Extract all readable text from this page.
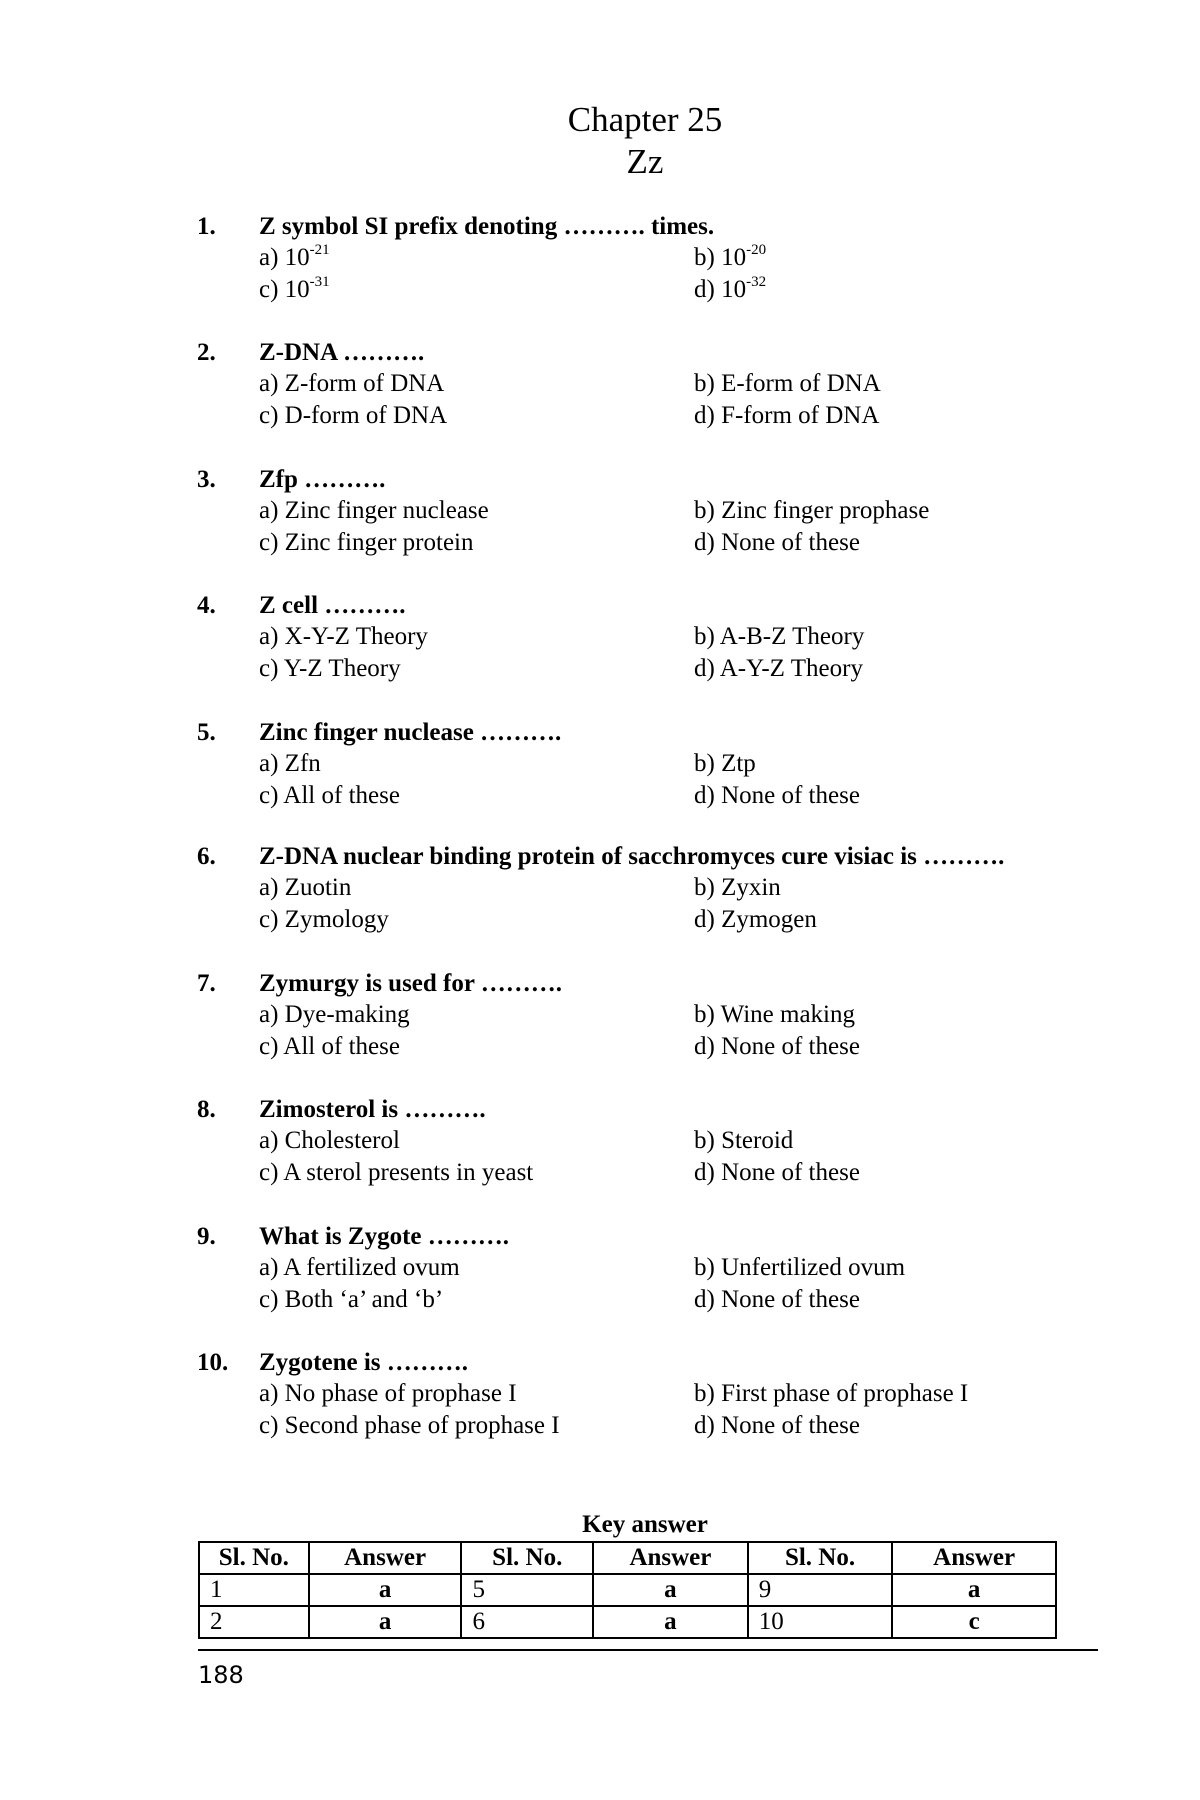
Chapter 25
Zz
1. Z symbol SI prefix denoting ………. times.
a) $10^{-21}$	b) $10^{-20}$
c) $10^{-31}$	d) $10^{-32}$
2. Z-DNA ……….
a) Z-form of DNA	b) E-form of DNA
c) D-form of DNA	d) F-form of DNA
3. Zfp ……….
a) Zinc finger nuclease	b) Zinc finger prophase
c) Zinc finger protein	d) None of these
4. Z cell ……….
a) X-Y-Z Theory	b) A-B-Z Theory
c) Y-Z Theory	d) A-Y-Z Theory
5. Zinc finger nuclease ……….
a) Zfn	b) Ztp
c) All of these	d) None of these
6. Z-DNA nuclear binding protein of sacchromyces cure visiac is ……….
a) Zuotin	b) Zyxin
c) Zymology	d) Zymogen
7. Zymurgy is used for ……….
a) Dye-making	b) Wine making
c) All of these	d) None of these
8. Zimosterol is ……….
a) Cholesterol	b) Steroid
c) A sterol presents in yeast	d) None of these
9. What is Zygote ……….
a) A fertilized ovum	b) Unfertilized ovum
c) Both ‘a’ and ‘b’	d) None of these
10. Zygotene is ……….
a) No phase of prophase I	b) First phase of prophase I
c) Second phase of prophase I	d) None of these
Key answer
Sl. No.	Answer	Sl. No.	Answer	Sl. No.	Answer
1	a	5	a	9	a
2	a	6	a	10	c
188
